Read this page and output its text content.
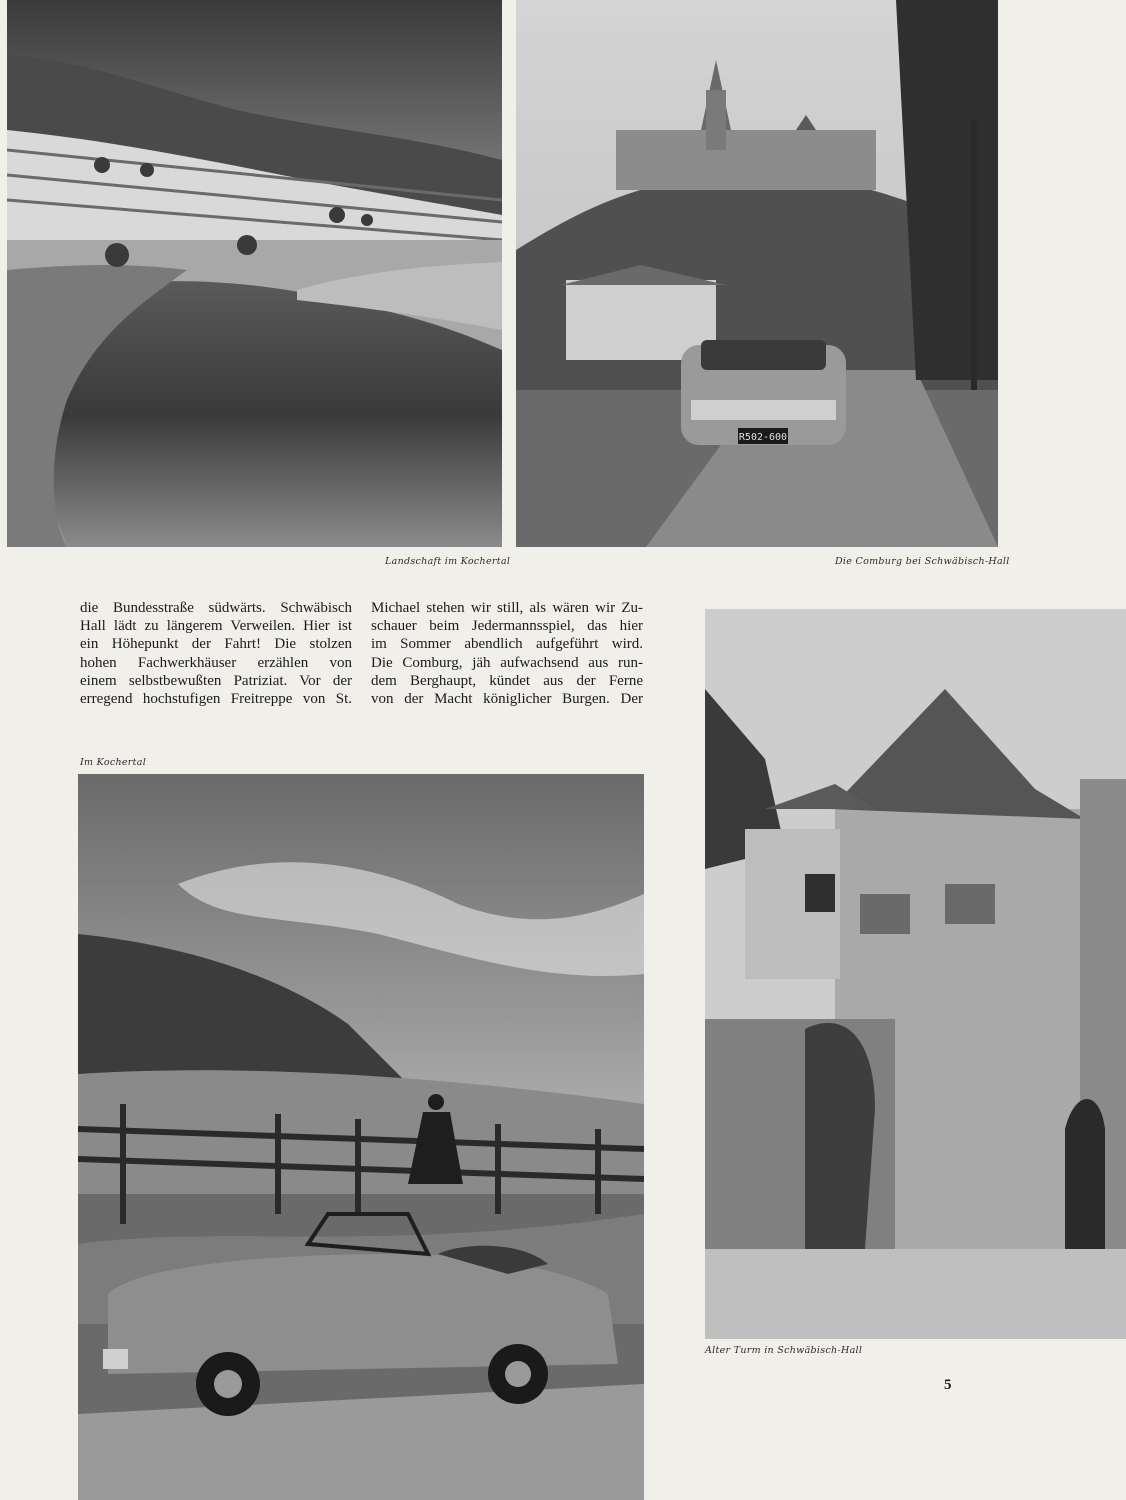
Landschaft im Kochertal
R502-600
Die Comburg bei Schwäbisch-Hall

die Bundesstraße südwärts. Schwäbisch

Hall lädt zu längerem Verweilen. Hier ist

ein Höhepunkt der Fahrt! Die stolzen

hohen Fachwerkhäuser erzählen von

einem selbstbewußten Patriziat. Vor der

erregend hochstufigen Freitreppe von St.

Michael stehen wir still, als wären wir Zu-

schauer beim Jedermannsspiel, das hier

im Sommer abendlich aufgeführt wird.

Die Comburg, jäh aufwachsend aus run-

dem Berghaupt, kündet aus der Ferne

von der Macht königlicher Burgen. Der

Im Kochertal
Alter Turm in Schwäbisch-Hall
5
